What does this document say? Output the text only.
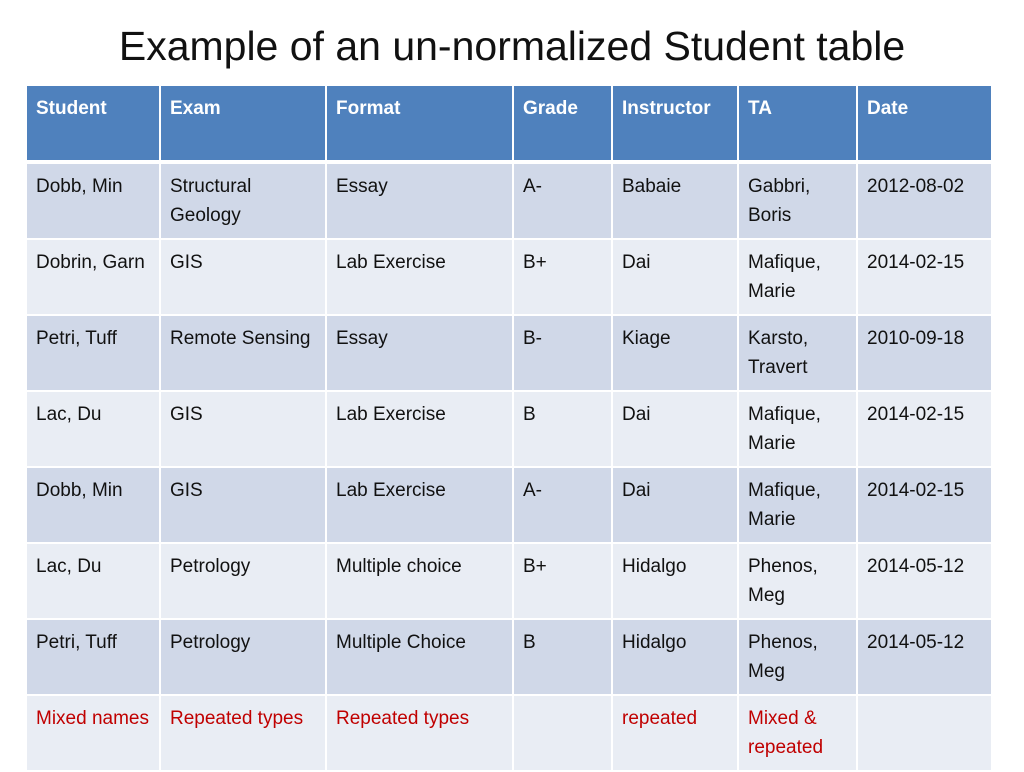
Example of an un-normalized Student table
Student	Exam	Format	Grade	Instructor	TA	Date
Dobb, Min	Structural Geology	Essay	A-	Babaie	Gabbri, Boris	2012-08-02
Dobrin, Garn	GIS	Lab Exercise	B+	Dai	Mafique, Marie	2014-02-15
Petri, Tuff	Remote Sensing	Essay	B-	Kiage	Karsto, Travert	2010-09-18
Lac, Du	GIS	Lab Exercise	B	Dai	Mafique, Marie	2014-02-15
Dobb, Min	GIS	Lab Exercise	A-	Dai	Mafique, Marie	2014-02-15
Lac, Du	Petrology	Multiple choice	B+	Hidalgo	Phenos, Meg	2014-05-12
Petri, Tuff	Petrology	Multiple Choice	B	Hidalgo	Phenos, Meg	2014-05-12
Mixed names	Repeated types	Repeated types		repeated	Mixed & repeated	
